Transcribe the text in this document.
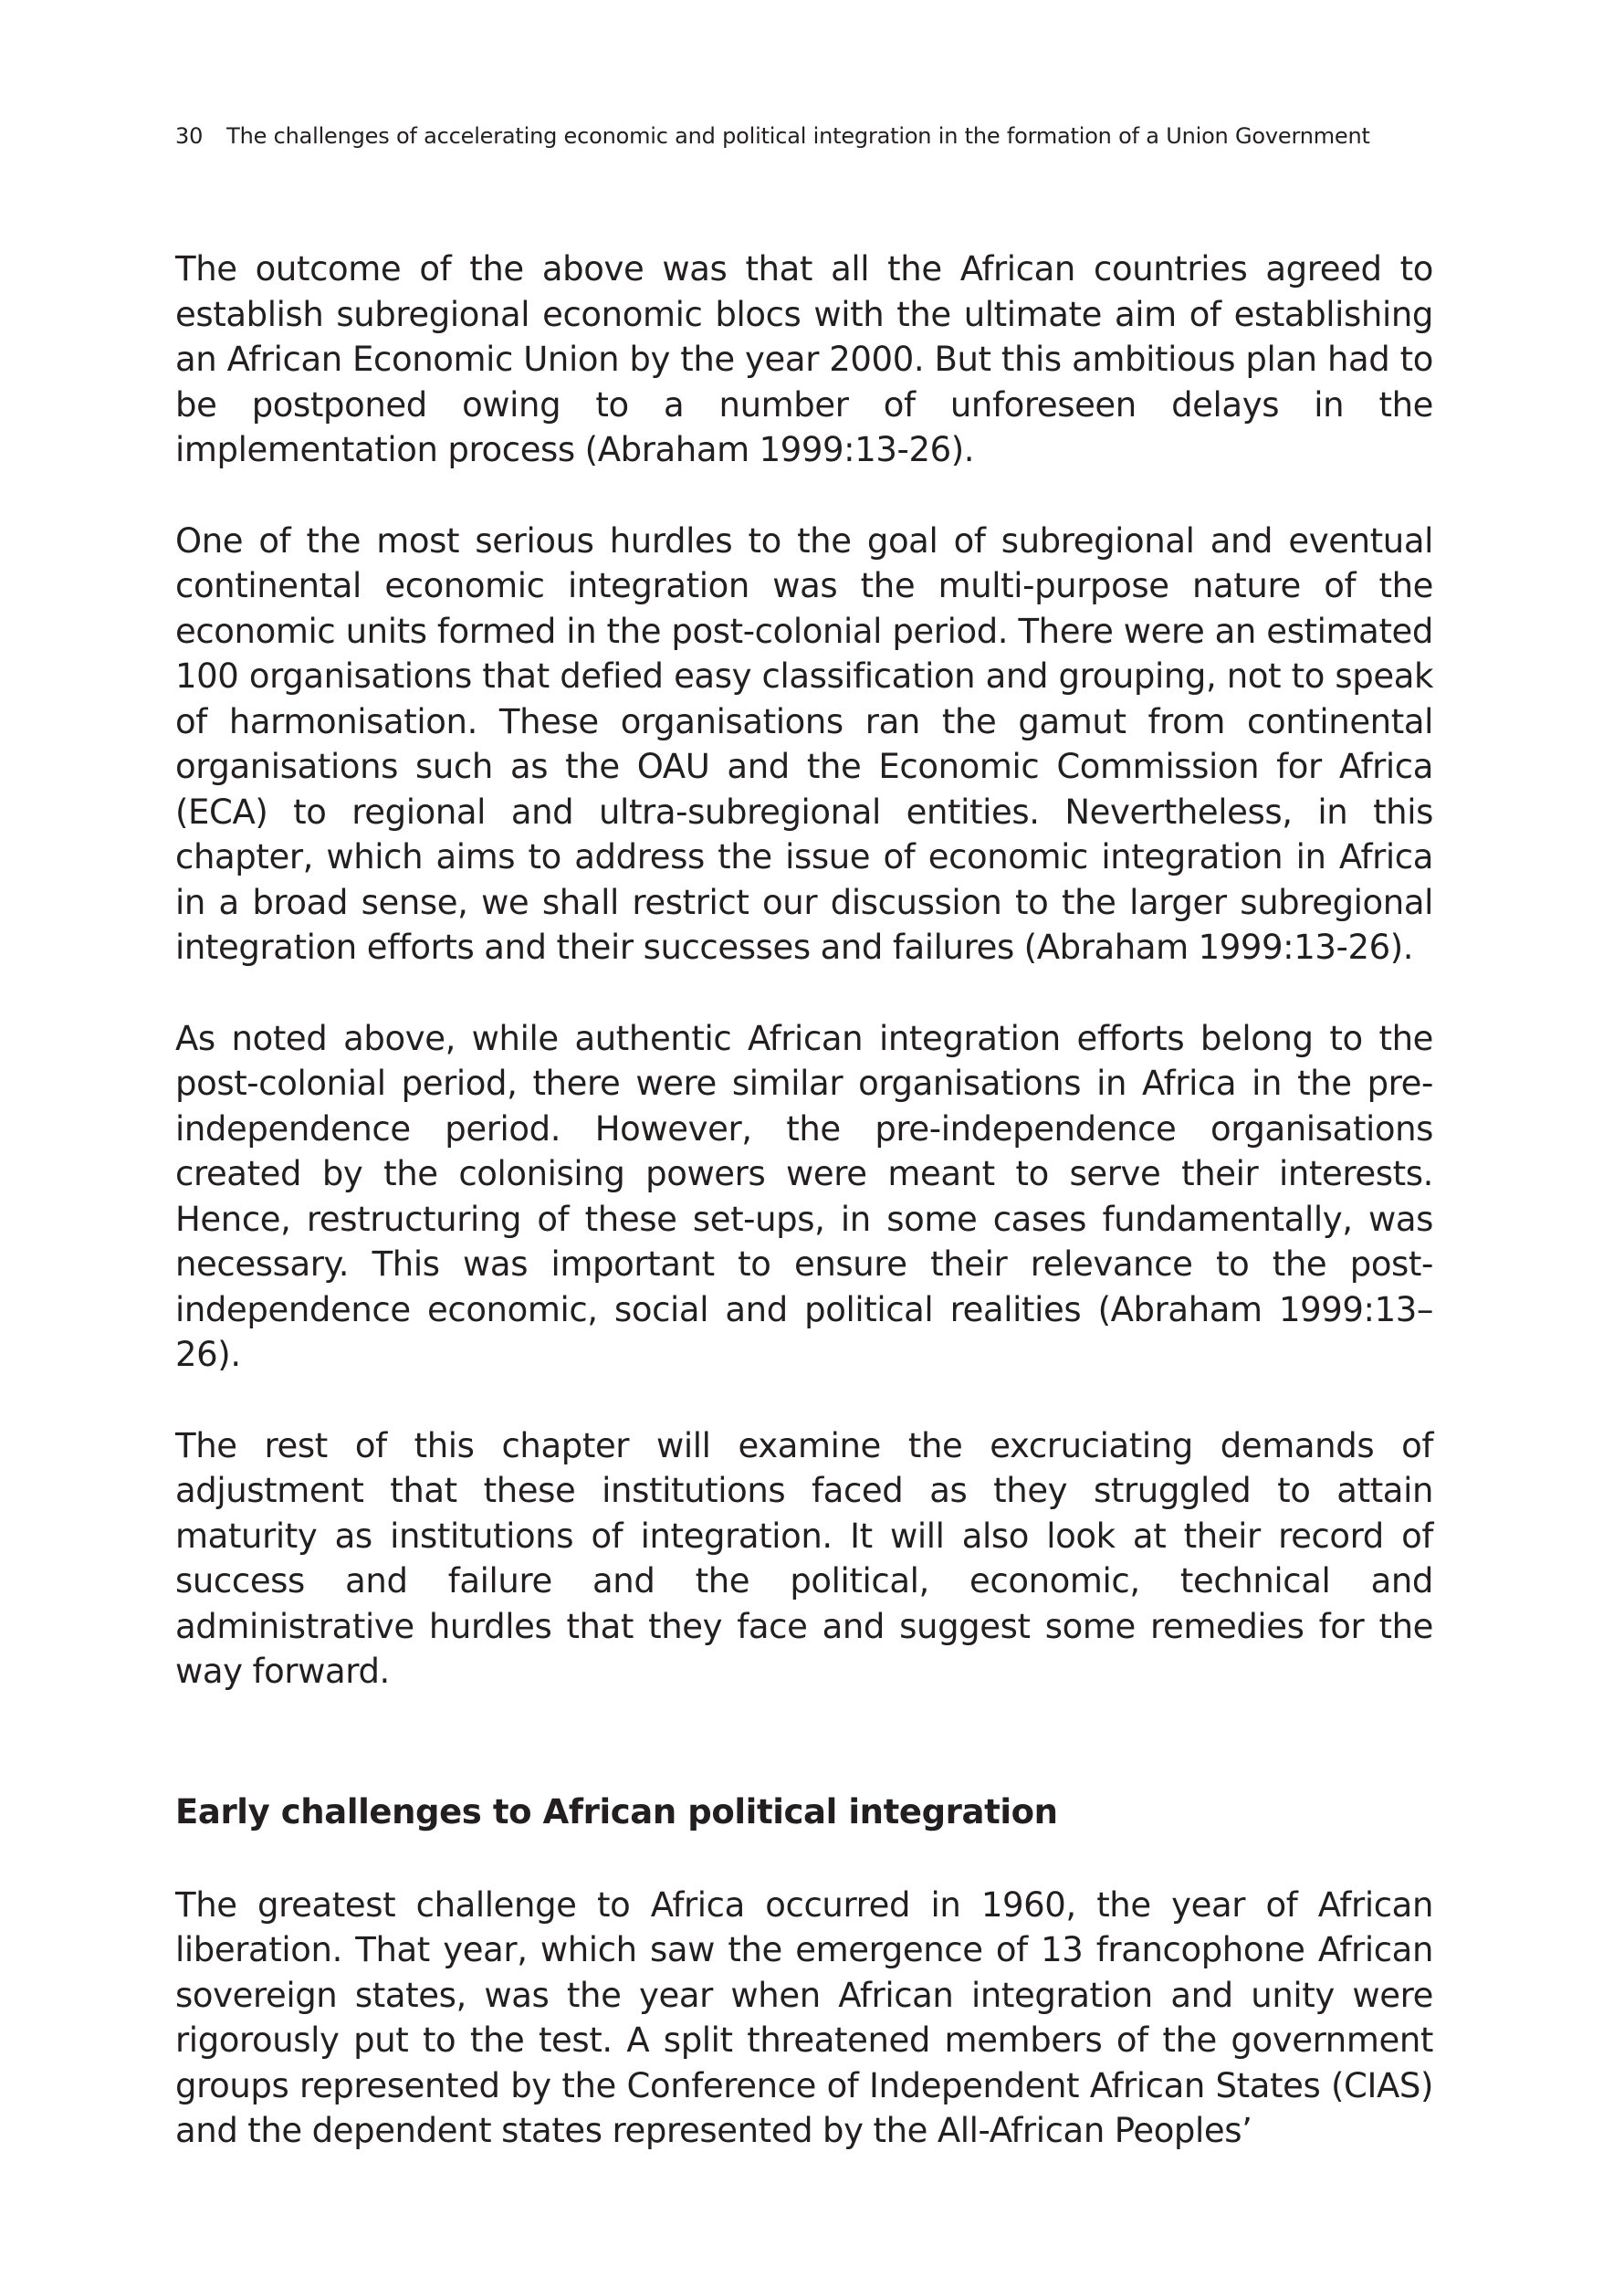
30 The challenges of accelerating economic and political integration in the formation of a Union Government

The outcome of the above was that all the African countries agreed to establish subregional economic blocs with the ultimate aim of establishing an African Economic Union by the year 2000. But this ambitious plan had to be postponed owing to a number of unforeseen delays in the implementation process (Abraham 1999:13-26).

One of the most serious hurdles to the goal of subregional and eventual continental economic integration was the multi-purpose nature of the economic units formed in the post-colonial period. There were an estimated 100 organisations that defied easy classification and grouping, not to speak of harmonisation. These organisations ran the gamut from continental organisations such as the OAU and the Economic Commission for Africa (ECA) to regional and ultra-subregional entities. Nevertheless, in this chapter, which aims to address the issue of economic integration in Africa in a broad sense, we shall restrict our discussion to the larger subregional integration efforts and their successes and failures (Abraham 1999:13-26).

As noted above, while authentic African integration efforts belong to the post-colonial period, there were similar organisations in Africa in the pre-independence period. However, the pre-independence organisations created by the colonising powers were meant to serve their interests. Hence, restructuring of these set-ups, in some cases fundamentally, was necessary. This was important to ensure their relevance to the post-independence economic, social and political realities (Abraham 1999:13–26).

The rest of this chapter will examine the excruciating demands of adjustment that these institutions faced as they struggled to attain maturity as institutions of integration. It will also look at their record of success and failure and the political, economic, technical and administrative hurdles that they face and suggest some remedies for the way forward.

Early challenges to African political integration

The greatest challenge to Africa occurred in 1960, the year of African liberation. That year, which saw the emergence of 13 francophone African sovereign states, was the year when African integration and unity were rigorously put to the test. A split threatened members of the government groups represented by the Conference of Independent African States (CIAS) and the dependent states represented by the All-African Peoples’
